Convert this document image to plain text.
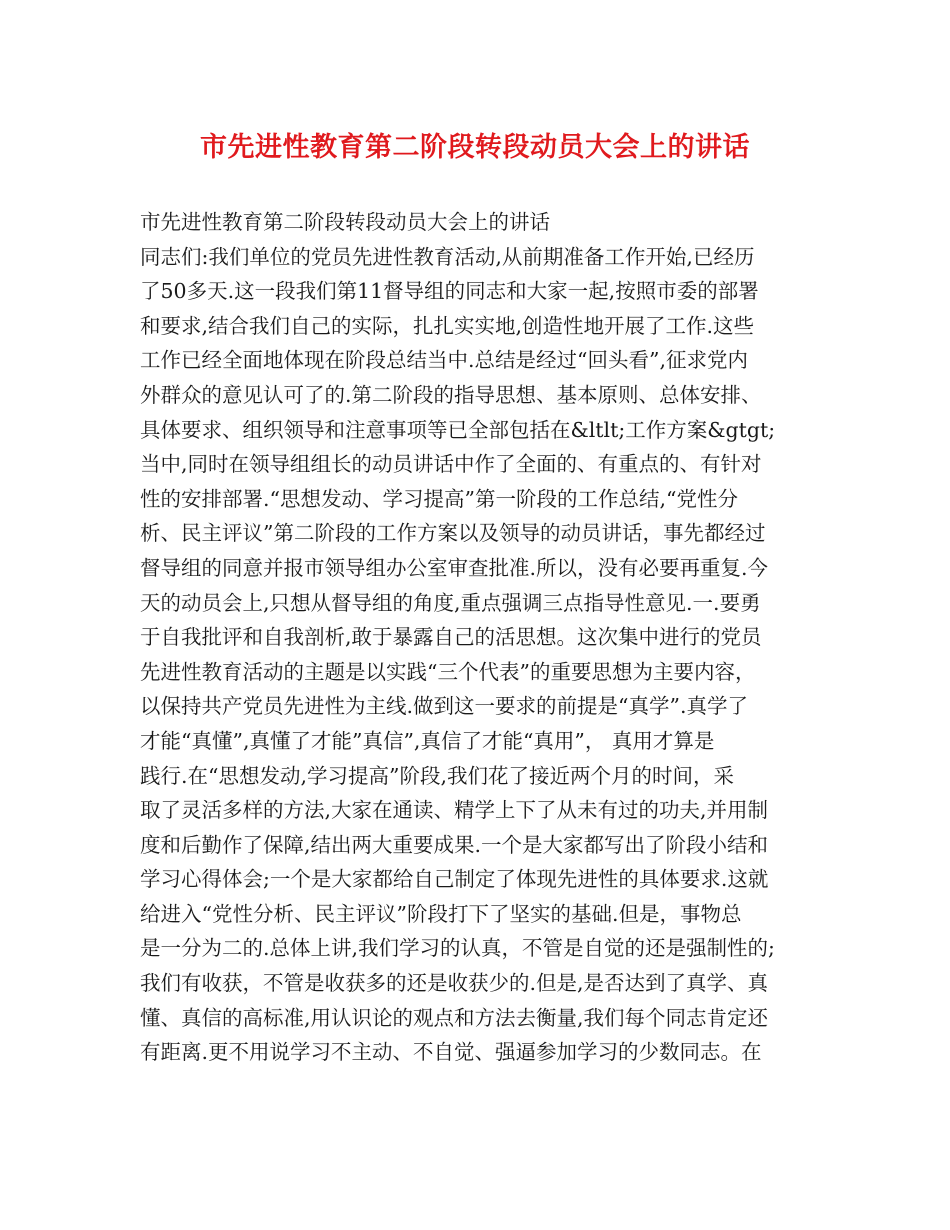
市先进性教育第二阶段转段动员大会上的讲话
市先进性教育第二阶段转段动员大会上的讲话
同志们:我们单位的党员先进性教育活动,从前期准备工作开始,已经历
了50多天.这一段我们第11督导组的同志和大家一起,按照市委的部署
和要求,结合我们自己的实际，扎扎实实地,创造性地开展了工作.这些
工作已经全面地体现在阶段总结当中.总结是经过“回头看”,征求党内
外群众的意见认可了的.第二阶段的指导思想、基本原则、总体安排、
具体要求、组织领导和注意事项等已全部包括在&ltlt;工作方案&gtgt;
当中,同时在领导组组长的动员讲话中作了全面的、有重点的、有针对
性的安排部署.“思想发动、学习提高”第一阶段的工作总结,“党性分
析、民主评议”第二阶段的工作方案以及领导的动员讲话，事先都经过
督导组的同意并报市领导组办公室审查批准.所以，没有必要再重复.今
天的动员会上,只想从督导组的角度,重点强调三点指导性意见.一.要勇
于自我批评和自我剖析,敢于暴露自己的活思想。这次集中进行的党员
先进性教育活动的主题是以实践“三个代表”的重要思想为主要内容，
以保持共产党员先进性为主线.做到这一要求的前提是“真学”.真学了
才能“真懂”,真懂了才能”真信”,真信了才能“真用”， 真用才算是
践行.在“思想发动,学习提高”阶段,我们花了接近两个月的时间，采
取了灵活多样的方法,大家在通读、精学上下了从未有过的功夫,并用制
度和后勤作了保障,结出两大重要成果.一个是大家都写出了阶段小结和
学习心得体会;一个是大家都给自己制定了体现先进性的具体要求.这就
给进入“党性分析、民主评议”阶段打下了坚实的基础.但是，事物总
是一分为二的.总体上讲,我们学习的认真，不管是自觉的还是强制性的;
我们有收获，不管是收获多的还是收获少的.但是,是否达到了真学、真
懂、真信的高标准,用认识论的观点和方法去衡量,我们每个同志肯定还
有距离.更不用说学习不主动、不自觉、强逼参加学习的少数同志。在
